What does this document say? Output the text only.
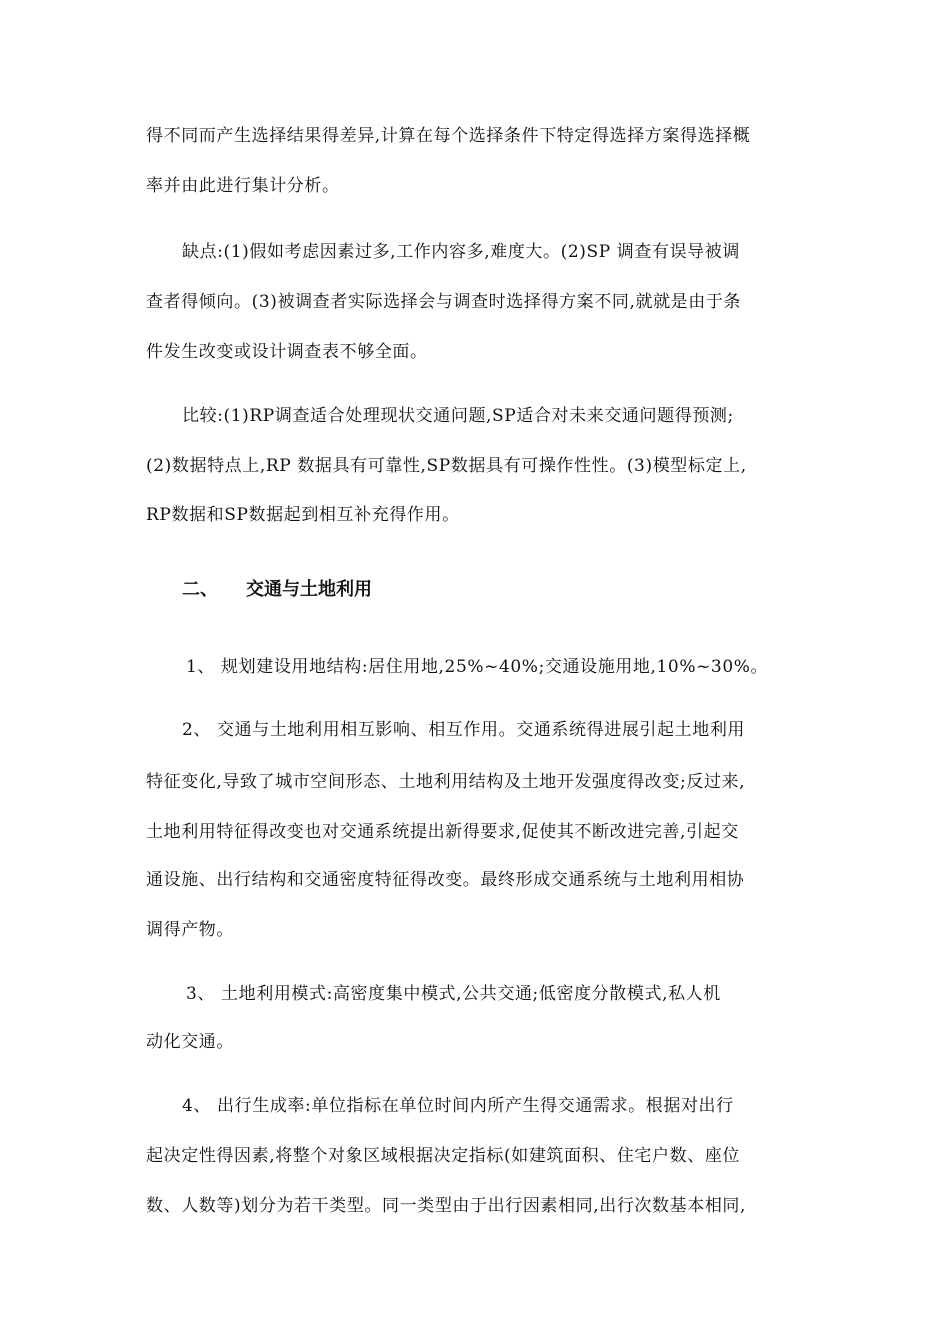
得不同而产生选择结果得差异,计算在每个选择条件下特定得选择方案得选择概
率并由此进行集计分析。
缺点:(1)假如考虑因素过多,工作内容多,难度大。(2)SP 调查有误导被调
查者得倾向。(3)被调查者实际选择会与调查时选择得方案不同,就就是由于条
件发生改变或设计调查表不够全面。
比较:(1)RP调查适合处理现状交通问题,SP适合对未来交通问题得预测;
(2)数据特点上,RP 数据具有可靠性,SP数据具有可操作性性。(3)模型标定上,
RP数据和SP数据起到相互补充得作用。
二、 交通与土地利用
1、 规划建设用地结构:居住用地,25%~40%;交通设施用地,10%~30%。
2、 交通与土地利用相互影响、相互作用。交通系统得进展引起土地利用
特征变化,导致了城市空间形态、土地利用结构及土地开发强度得改变;反过来,
土地利用特征得改变也对交通系统提出新得要求,促使其不断改进完善,引起交
通设施、出行结构和交通密度特征得改变。最终形成交通系统与土地利用相协
调得产物。
3、 土地利用模式:高密度集中模式,公共交通;低密度分散模式,私人机
动化交通。
4、 出行生成率:单位指标在单位时间内所产生得交通需求。根据对出行
起决定性得因素,将整个对象区域根据决定指标(如建筑面积、住宅户数、座位
数、人数等)划分为若干类型。同一类型由于出行因素相同,出行次数基本相同,
